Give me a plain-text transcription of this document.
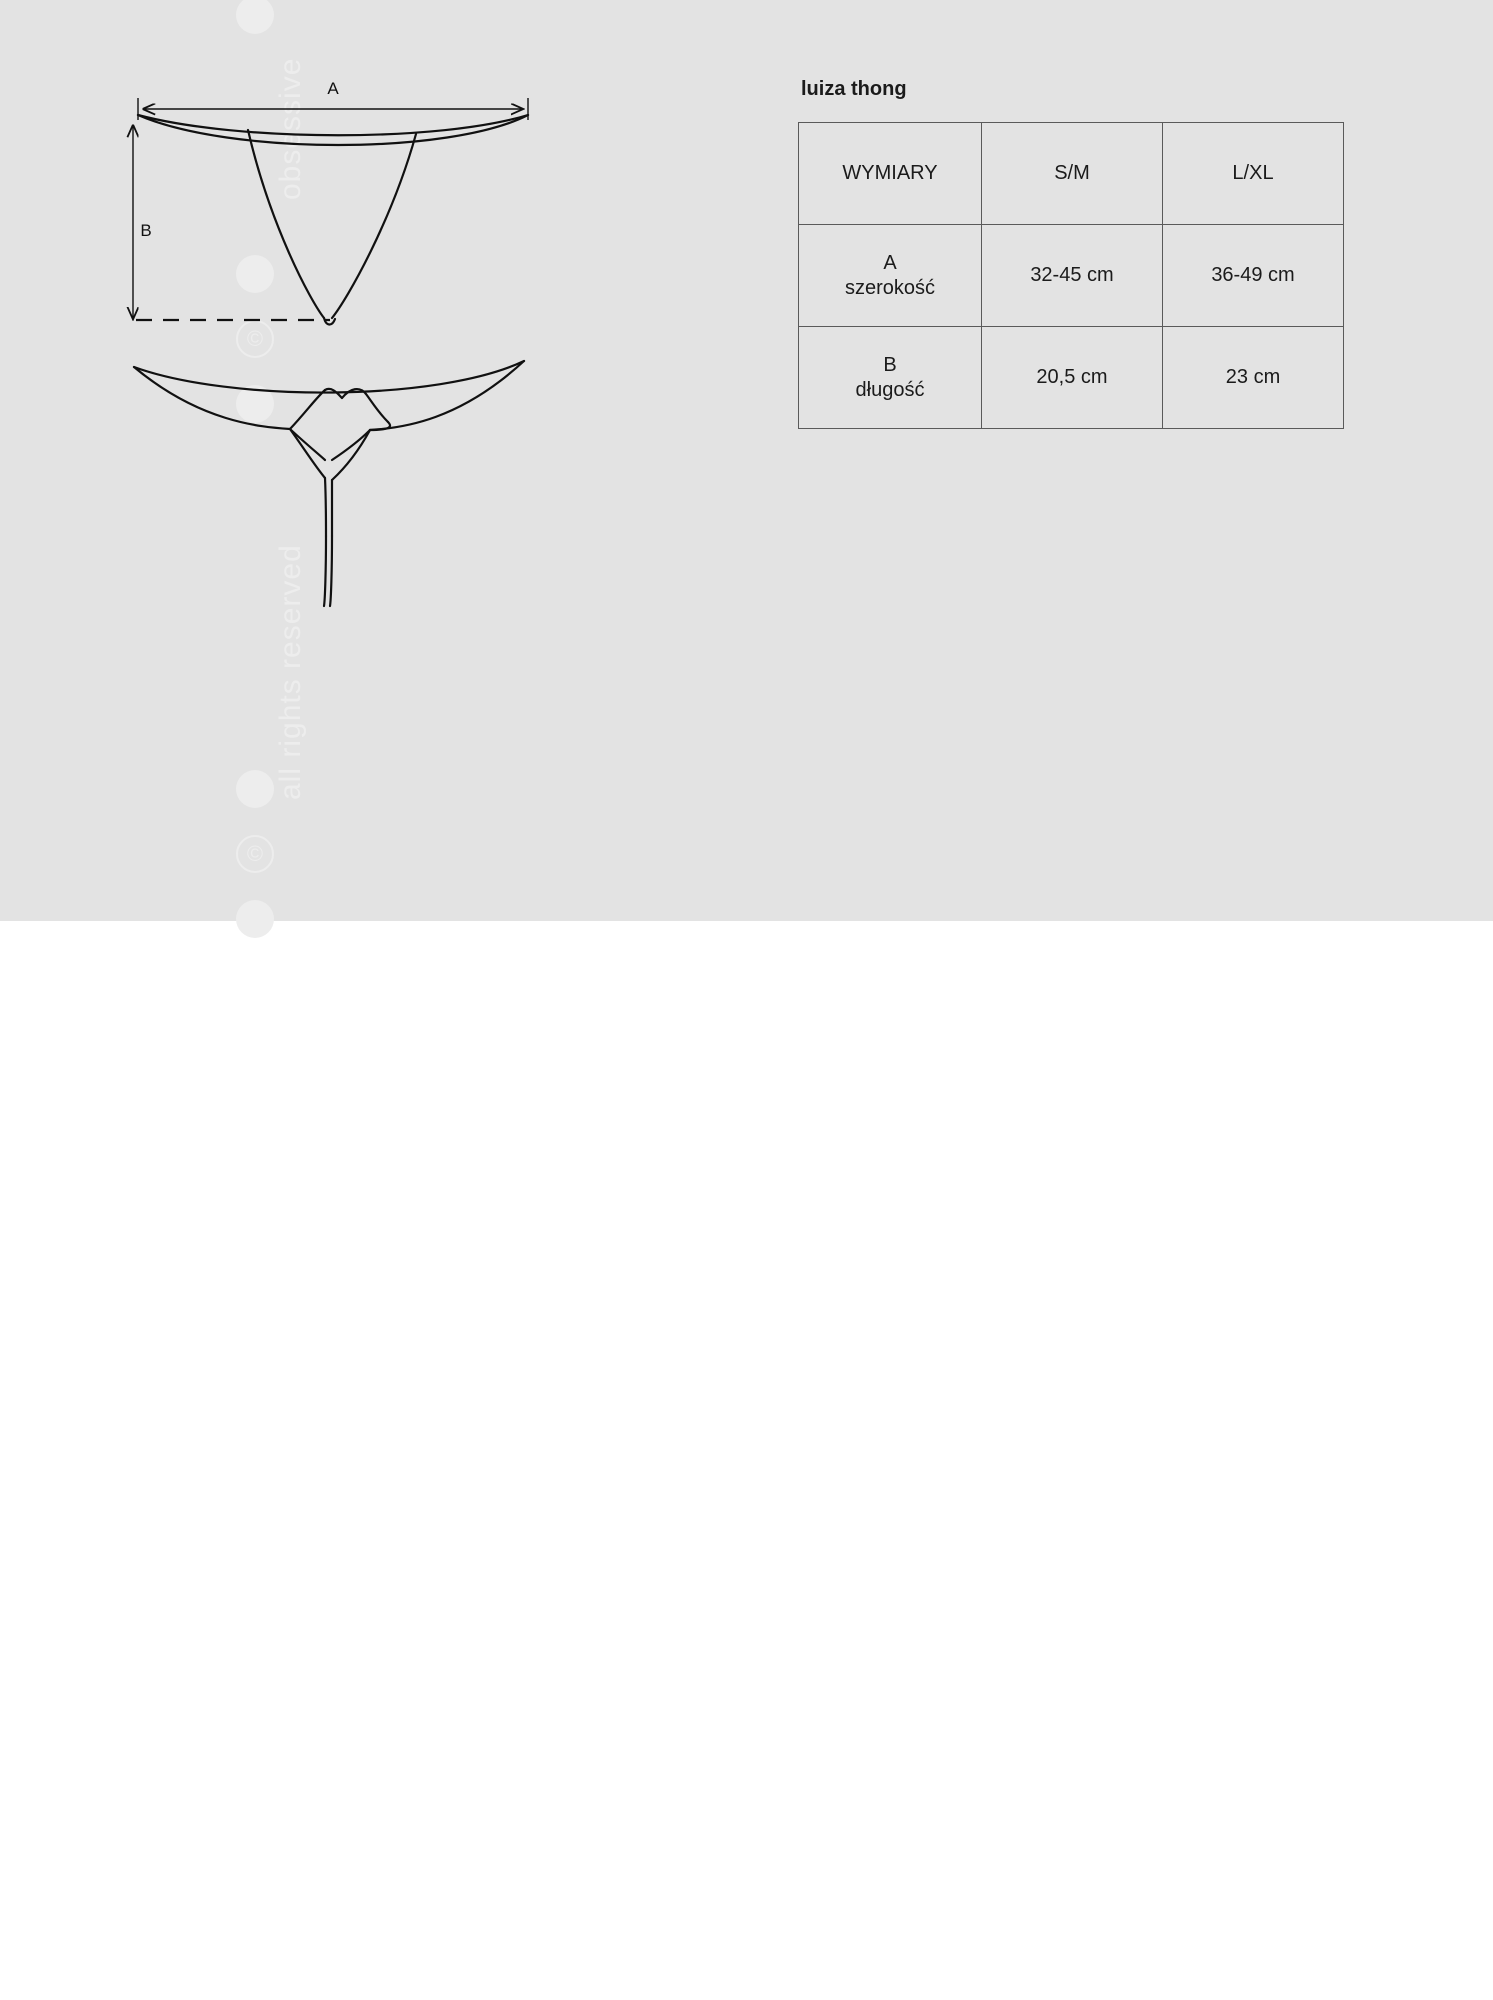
obsessive
©
all rights reserved
©
A
B
luiza thong
WYMIARY	S/M	L/XL

A
szerokość	32-45 cm	36-49 cm

B
długość	20,5 cm	23 cm
